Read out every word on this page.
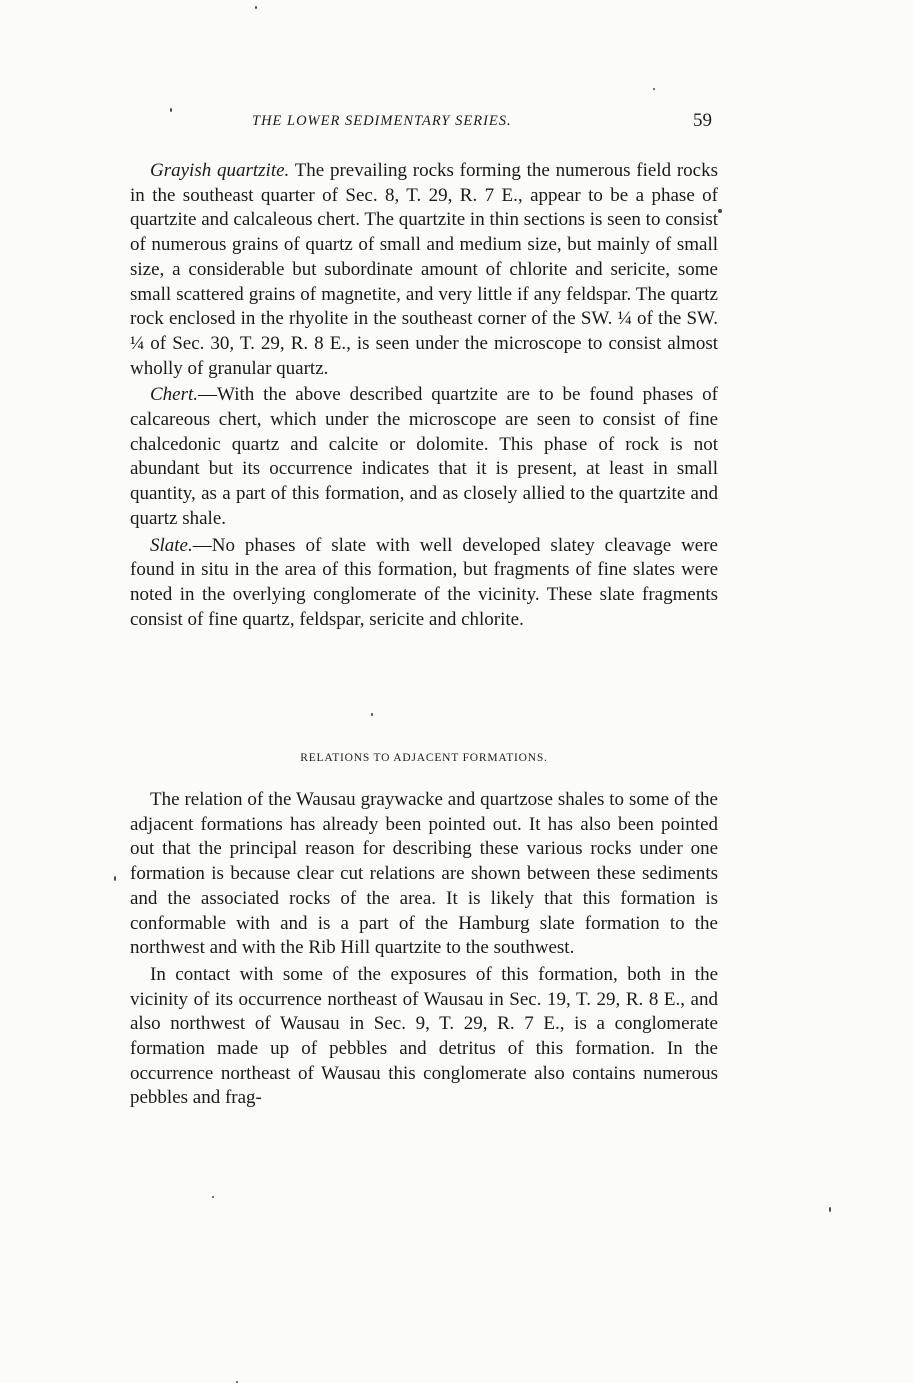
THE LOWER SEDIMENTARY SERIES.	59

Grayish quartzite. The prevailing rocks forming the numerous field rocks in the southeast quarter of Sec. 8, T. 29, R. 7 E., appear to be a phase of quartzite and calcaleous chert. The quartzite in thin sections is seen to consist of numerous grains of quartz of small and medium size, but mainly of small size, a considerable but subordinate amount of chlorite and sericite, some small scattered grains of magnetite, and very little if any feldspar. The quartz rock enclosed in the rhyolite in the southeast corner of the SW. ¼ of the SW. ¼ of Sec. 30, T. 29, R. 8 E., is seen under the microscope to consist almost wholly of granular quartz.

Chert.—With the above described quartzite are to be found phases of calcareous chert, which under the microscope are seen to consist of fine chalcedonic quartz and calcite or dolomite. This phase of rock is not abundant but its occurrence indicates that it is present, at least in small quantity, as a part of this formation, and as closely allied to the quartzite and quartz shale.

Slate.—No phases of slate with well developed slatey cleavage were found in situ in the area of this formation, but fragments of fine slates were noted in the overlying conglomerate of the vicinity. These slate fragments consist of fine quartz, feldspar, sericite and chlorite.

RELATIONS TO ADJACENT FORMATIONS.

The relation of the Wausau graywacke and quartzose shales to some of the adjacent formations has already been pointed out. It has also been pointed out that the principal reason for describing these various rocks under one formation is because clear cut relations are shown between these sediments and the associated rocks of the area. It is likely that this formation is conformable with and is a part of the Hamburg slate formation to the northwest and with the Rib Hill quartzite to the southwest.

In contact with some of the exposures of this formation, both in the vicinity of its occurrence northeast of Wausau in Sec. 19, T. 29, R. 8 E., and also northwest of Wausau in Sec. 9, T. 29, R. 7 E., is a conglomerate formation made up of pebbles and detritus of this formation. In the occurrence northeast of Wausau this conglomerate also contains numerous pebbles and frag-
